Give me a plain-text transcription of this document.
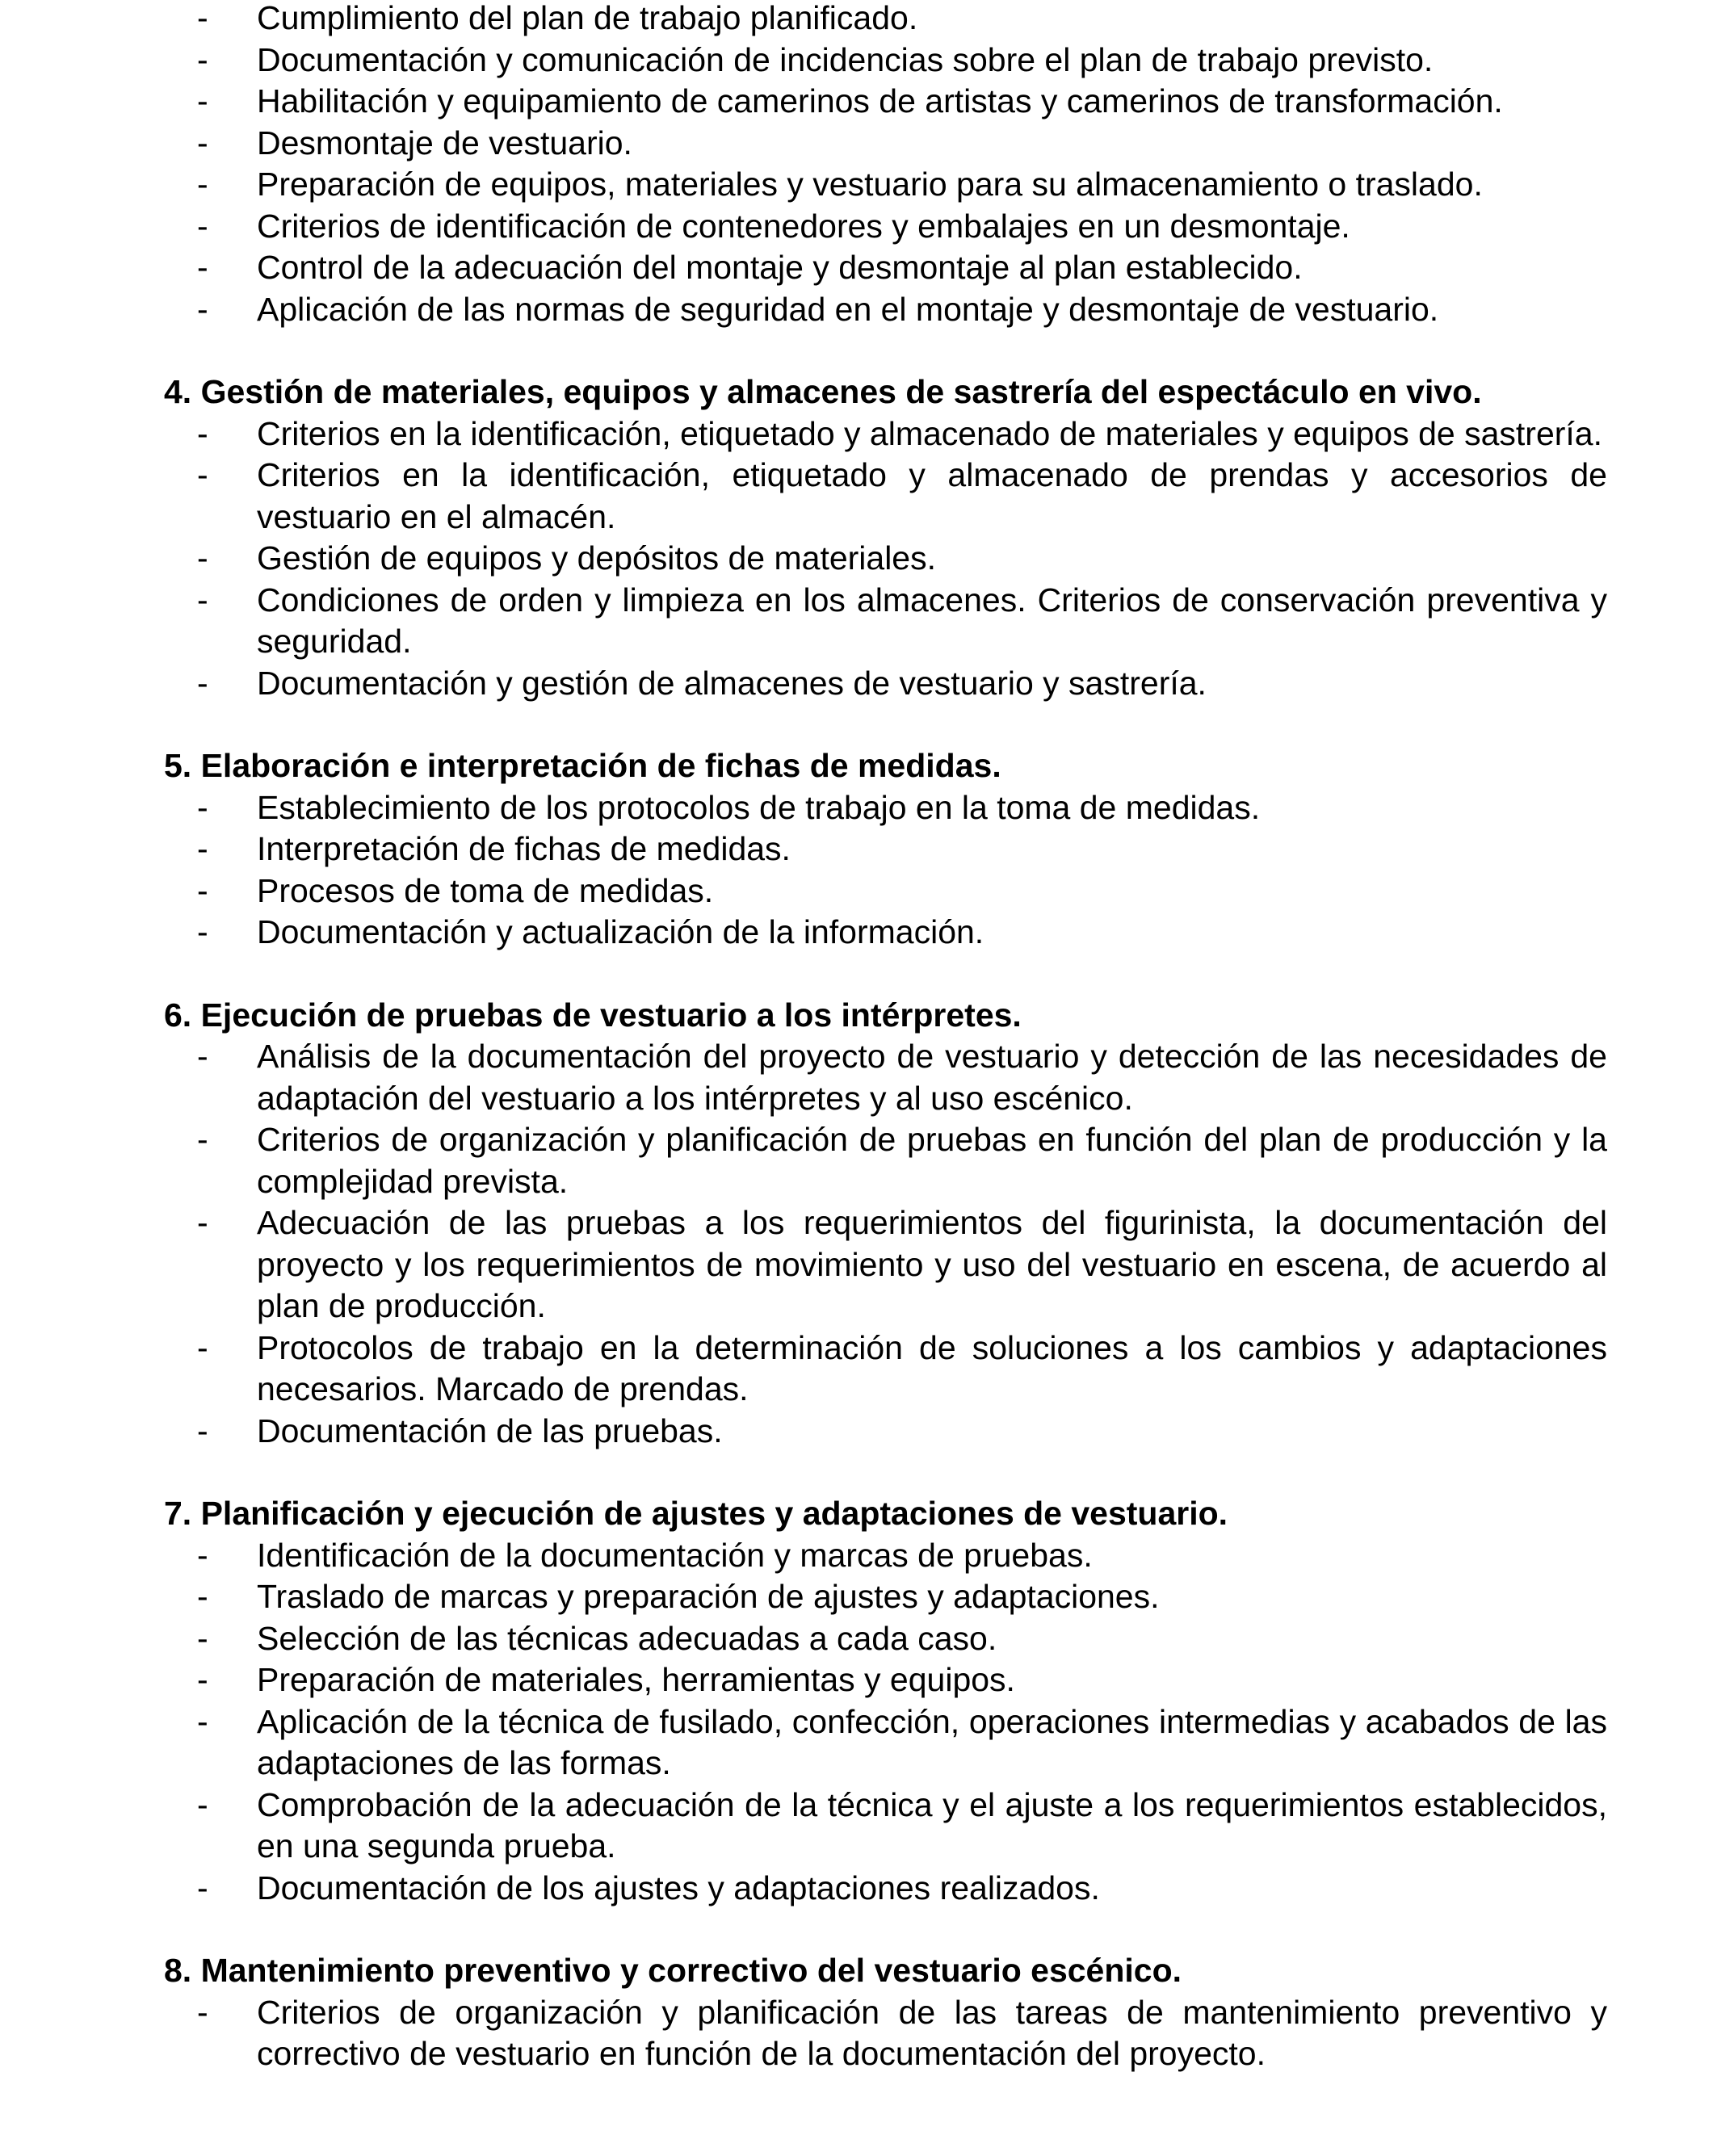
-	Cumplimiento del plan de trabajo planificado.
-	Documentación y comunicación de incidencias sobre el plan de trabajo previsto.
-	Habilitación y equipamiento de camerinos de artistas y camerinos de transformación.
-	Desmontaje de vestuario.
-	Preparación de equipos, materiales y vestuario para su almacenamiento o traslado.
-	Criterios de identificación de contenedores y embalajes en un desmontaje.
-	Control de la adecuación del montaje y desmontaje al plan establecido.
-	Aplicación de las normas de seguridad en el montaje y desmontaje de vestuario.
4. Gestión de materiales, equipos y almacenes de sastrería del espectáculo en vivo.
-	Criterios en la identificación, etiquetado y almacenado de materiales y equipos de sastrería.
-	Criterios en la identificación, etiquetado y almacenado de prendas y accesorios de vestuario en el almacén.
-	Gestión de equipos y depósitos de materiales.
-	Condiciones de orden y limpieza en los almacenes. Criterios de conservación preventiva y seguridad.
-	Documentación y gestión de almacenes de vestuario y sastrería.
5. Elaboración e interpretación de fichas de medidas.
-	Establecimiento de los protocolos de trabajo en la toma de medidas.
-	Interpretación de fichas de medidas.
-	Procesos de toma de medidas.
-	Documentación y actualización de la información.
6. Ejecución de pruebas de vestuario a los intérpretes.
-	Análisis de la documentación del proyecto de vestuario y detección de las necesidades de adaptación del vestuario a los intérpretes y al uso escénico.
-	Criterios de organización y planificación de pruebas en función del plan de producción y la complejidad prevista.
-	Adecuación de las pruebas a los requerimientos del figurinista, la documentación del proyecto y los requerimientos de movimiento y uso del vestuario en escena, de acuerdo al plan de producción.
-	Protocolos de trabajo en la determinación de soluciones a los cambios y adaptaciones necesarios. Marcado de prendas.
-	Documentación de las pruebas.
7. Planificación y ejecución de ajustes y adaptaciones de vestuario.
-	Identificación de la documentación y marcas de pruebas.
-	Traslado de marcas y preparación de ajustes y adaptaciones.
-	Selección de las técnicas adecuadas a cada caso.
-	Preparación de materiales, herramientas y equipos.
-	Aplicación de la técnica de fusilado, confección, operaciones intermedias y acabados de las adaptaciones de las formas.
-	Comprobación de la adecuación de la técnica y el ajuste a los requerimientos establecidos, en una segunda prueba.
-	Documentación de los ajustes y adaptaciones realizados.
8. Mantenimiento preventivo y correctivo del vestuario escénico.
-	Criterios de organización y planificación de las tareas de mantenimiento preventivo y correctivo de vestuario en función de la documentación del proyecto.
